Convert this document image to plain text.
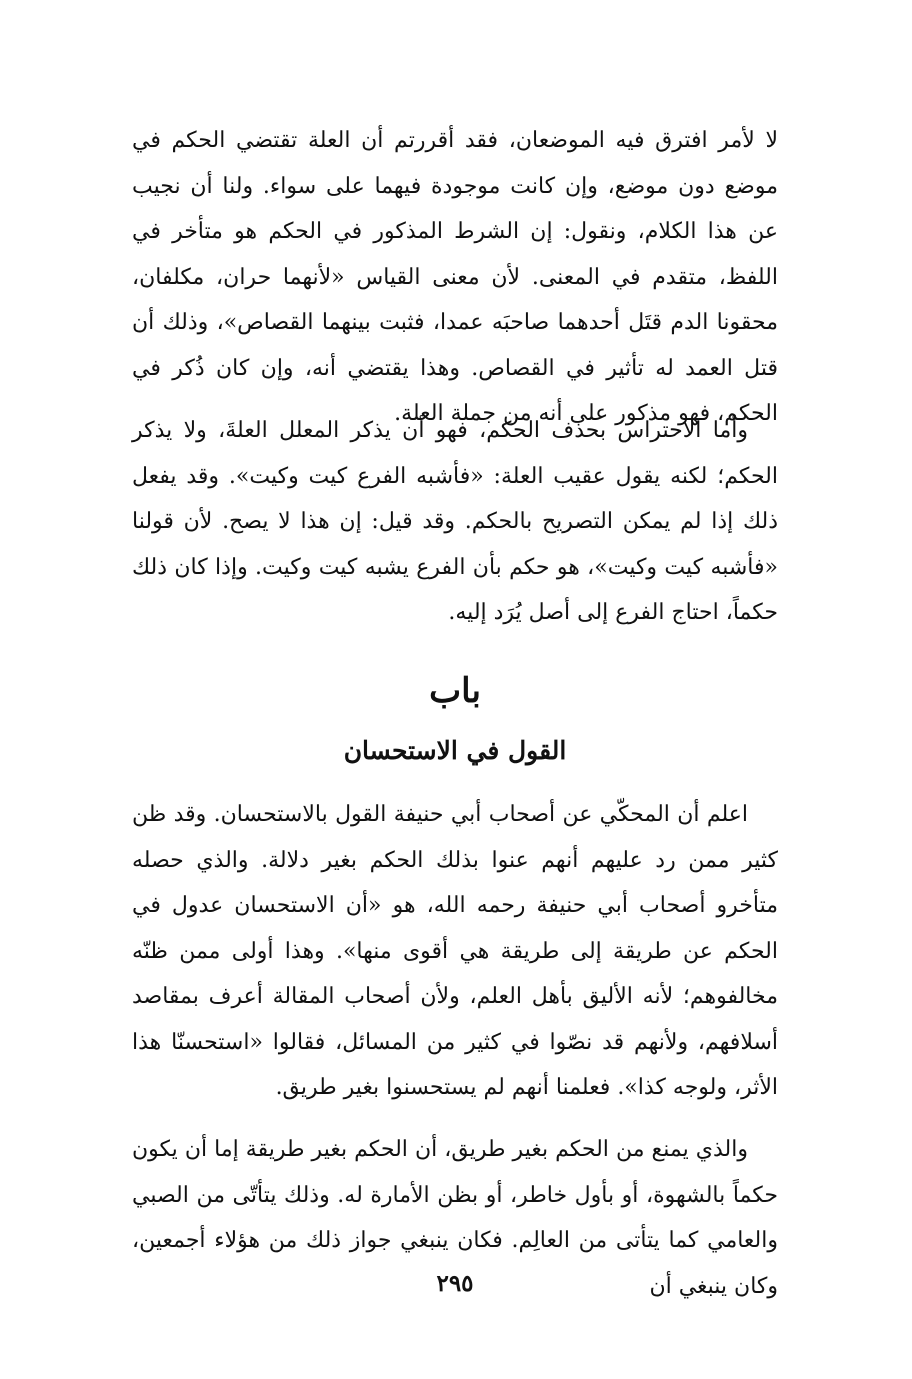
لا لأمر افترق فيه الموضعان، فقد أقررتم أن العلة تقتضي الحكم في موضع دون موضع، وإن كانت موجودة فيهما على سواء. ولنا أن نجيب عن هذا الكلام، ونقول: إن الشرط المذكور في الحكم هو متأخر في اللفظ، متقدم في المعنى. لأن معنى القياس «لأنهما حران، مكلفان، محقونا الدم قتَل أحدهما صاحبَه عمدا، فثبت بينهما القصاص»، وذلك أن قتل العمد له تأثير في القصاص. وهذا يقتضي أنه، وإن كان ذُكر في الحكم، فهو مذكور على أنه من جملة العلة.

وأما الاحتراس بحذف الحكم، فهو أن يذكر المعلل العلةَ، ولا يذكر الحكم؛ لكنه يقول عقيب العلة: «فأشبه الفرع كيت وكيت». وقد يفعل ذلك إذا لم يمكن التصريح بالحكم. وقد قيل: إن هذا لا يصح. لأن قولنا «فأشبه كيت وكيت»، هو حكم بأن الفرع يشبه كيت وكيت. وإذا كان ذلك حكماً، احتاج الفرع إلى أصل يُرَد إليه.

باب
القول في الاستحسان

اعلم أن المحكّي عن أصحاب أبي حنيفة القول بالاستحسان. وقد ظن كثير ممن رد عليهم أنهم عنوا بذلك الحكم بغير دلالة. والذي حصله متأخرو أصحاب أبي حنيفة رحمه الله، هو «أن الاستحسان عدول في الحكم عن طريقة إلى طريقة هي أقوى منها». وهذا أولى ممن ظنّه مخالفوهم؛ لأنه الأليق بأهل العلم، ولأن أصحاب المقالة أعرف بمقاصد أسلافهم، ولأنهم قد نصّوا في كثير من المسائل، فقالوا «استحسنّا هذا الأثر، ولوجه كذا». فعلمنا أنهم لم يستحسنوا بغير طريق.

والذي يمنع من الحكم بغير طريق، أن الحكم بغير طريقة إما أن يكون حكماً بالشهوة، أو بأول خاطر، أو بظن الأمارة له. وذلك يتأتّى من الصبي والعامي كما يتأتى من العالِم. فكان ينبغي جواز ذلك من هؤلاء أجمعين، وكان ينبغي أن

٢٩٥
